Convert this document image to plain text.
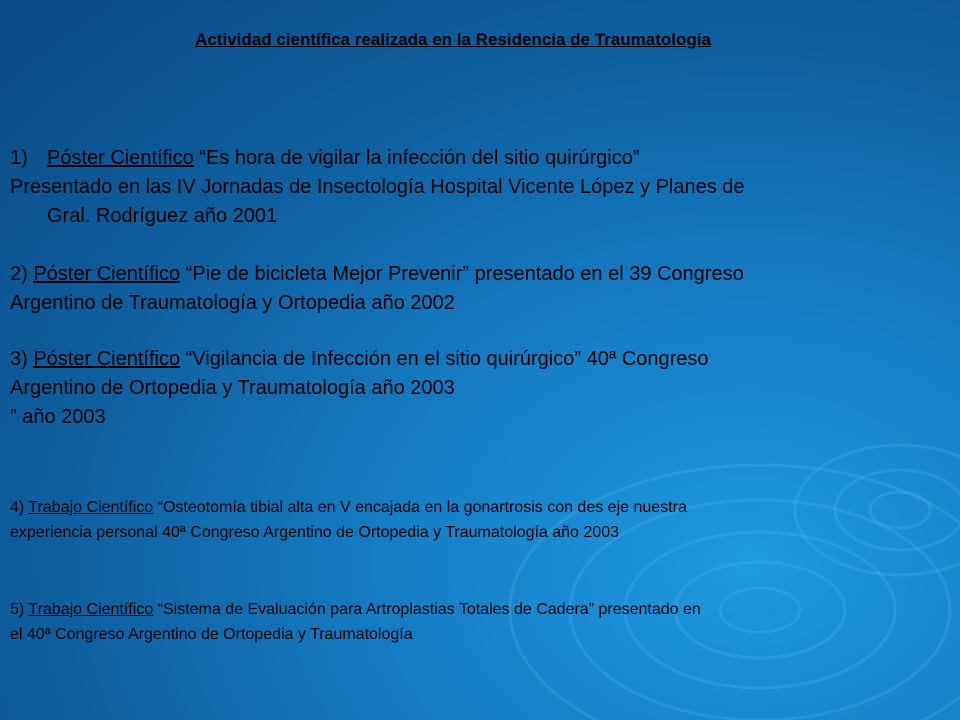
Actividad científica realizada en la Residencia de Traumatología
1) Póster Científico “Es hora de vigilar la infección del sitio quirúrgico”
Presentado en las IV Jornadas de Insectología Hospital Vicente López y Planes de
Gral. Rodríguez año 2001
2) Póster Científico “Pie de bicicleta Mejor Prevenir” presentado en el 39 Congreso
Argentino de Traumatología y Ortopedia año 2002
3) Póster Científico “Vigilancia de Infección en el sitio quirúrgico” 40ª Congreso
Argentino de Ortopedia y Traumatología año 2003
” año 2003
4) Trabajo Científico “Osteotomía tibial alta en V encajada en la gonartrosis con des eje nuestra
experiencia personal 40ª Congreso Argentino de Ortopedia y Traumatología año 2003
5) Trabajo Científico “Sistema de Evaluación para Artroplastias Totales de Cadera” presentado en
el 40ª Congreso Argentino de Ortopedia y Traumatología
